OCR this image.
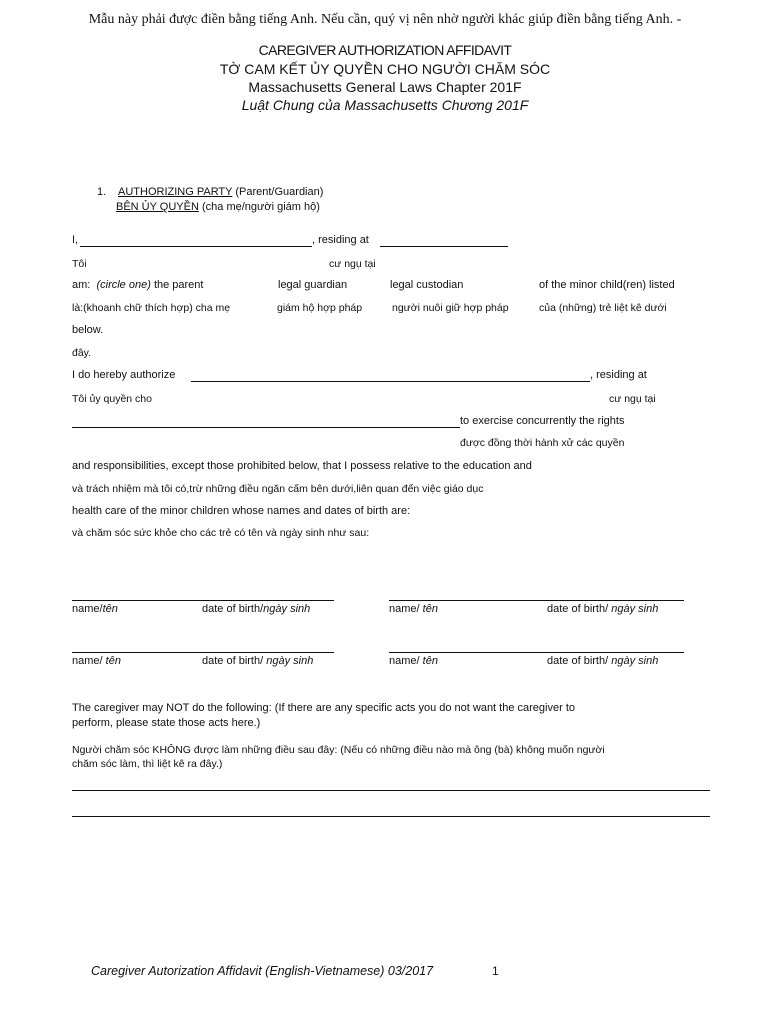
Mẫu này phải được điền bằng tiếng Anh. Nếu cần, quý vị nên nhờ người khác giúp điền bằng tiếng Anh. -
CAREGIVER AUTHORIZATION AFFIDAVIT
TỜ CAM KẾT ỦY QUYỀN CHO NGƯỜI CHĂM SÓC
Massachusetts General Laws Chapter 201F
Luật Chung của Massachusetts Chương 201F
1. AUTHORIZING PARTY (Parent/Guardian)
BÊN ỦY QUYỀN (cha mẹ/người giám hộ)
I,	, residing at
Tôi	cư ngụ tại
am: (circle one) the parent	legal guardian	legal custodian	of the minor child(ren) listed
là:(khoanh chữ thích hợp) cha mẹ	giám hộ hợp pháp	người nuôi giữ hợp pháp	của (những) trẻ liệt kê dưới
below.
đây.
I do hereby authorize	, residing at
Tôi ủy quyền cho	cư ngụ tại
to exercise concurrently the rights
được đồng thời hành xử các quyền
and responsibilities, except those prohibited below, that I possess relative to the education and
và trách nhiệm mà tôi có,trừ những điều ngăn cấm bên dưới,liên quan đến việc giáo dục
health care of the minor children whose names and dates of birth are:
và chăm sóc sức khỏe cho các trẻ có tên và ngày sinh như sau:
name/tên	date of birth/ngày sinh	name/ tên	date of birth/ ngày sinh
name/ tên	date of birth/ ngày sinh	name/ tên	date of birth/ ngày sinh
The caregiver may NOT do the following: (If there are any specific acts you do not want the caregiver to
perform, please state those acts here.)
Người chăm sóc KHÔNG được làm những điều sau đây: (Nếu có những điều nào mà ông (bà) không muốn người
chăm sóc làm, thì liệt kê ra đây.)
Caregiver Autorization Affidavit (English-Vietnamese) 03/2017	1
